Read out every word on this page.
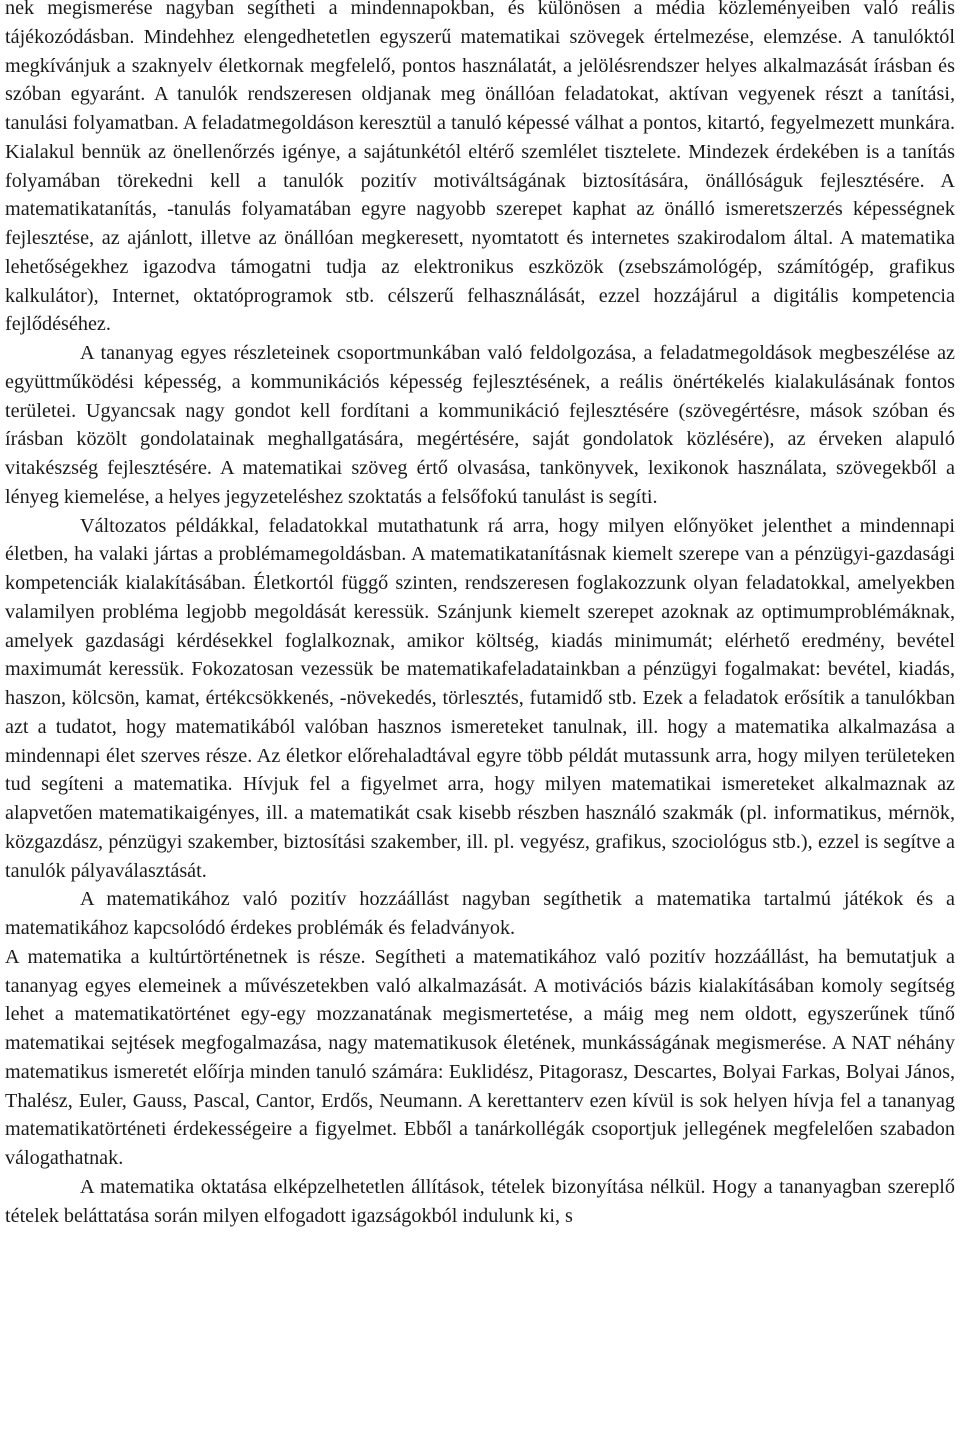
nek megismerése nagyban segítheti a mindennapokban, és különösen a média közleményeiben való reális tájékozódásban. Mindehhez elengedhetetlen egyszerű matematikai szövegek értelmezése, elemzése. A tanulóktól megkívánjuk a szaknyelv életkornak megfelelő, pontos használatát, a jelölésrendszer helyes alkalmazását írásban és szóban egyaránt. A tanulók rendszeresen oldjanak meg önállóan feladatokat, aktívan vegyenek részt a tanítási, tanulási folyamatban. A feladatmegoldáson keresztül a tanuló képessé válhat a pontos, kitartó, fegyelmezett munkára. Kialakul bennük az önellenőrzés igénye, a sajátunkétól eltérő szemlélet tisztelete. Mindezek érdekében is a tanítás folyamában törekedni kell a tanulók pozitív motiváltságának biztosítására, önállóságuk fejlesztésére. A matematikatanítás, -tanulás folyamatában egyre nagyobb szerepet kaphat az önálló ismeretszerzés képességnek fejlesztése, az ajánlott, illetve az önállóan megkeresett, nyomtatott és internetes szakirodalom által. A matematika lehetőségekhez igazodva támogatni tudja az elektronikus eszközök (zsebszámológép, számítógép, grafikus kalkulátor), Internet, oktatóprogramok stb. célszerű felhasználását, ezzel hozzájárul a digitális kompetencia fejlődéséhez.

A tananyag egyes részleteinek csoportmunkában való feldolgozása, a feladatmegoldások megbeszélése az együttműködési képesség, a kommunikációs képesség fejlesztésének, a reális önértékelés kialakulásának fontos területei. Ugyancsak nagy gondot kell fordítani a kommunikáció fejlesztésére (szövegértésre, mások szóban és írásban közölt gondolatainak meghallgatására, megértésére, saját gondolatok közlésére), az érveken alapuló vitakészség fejlesztésére. A matematikai szöveg értő olvasása, tankönyvek, lexikonok használata, szövegekből a lényeg kiemelése, a helyes jegyzeteléshez szoktatás a felsőfokú tanulást is segíti.

Változatos példákkal, feladatokkal mutathatunk rá arra, hogy milyen előnyöket jelenthet a mindennapi életben, ha valaki jártas a problémamegoldásban. A matematikatanításnak kiemelt szerepe van a pénzügyi-gazdasági kompetenciák kialakításában. Életkortól függő szinten, rendszeresen foglakozzunk olyan feladatokkal, amelyekben valamilyen probléma legjobb megoldását keressük. Szánjunk kiemelt szerepet azoknak az optimumproblémáknak, amelyek gazdasági kérdésekkel foglalkoznak, amikor költség, kiadás minimumát; elérhető eredmény, bevétel maximumát keressük. Fokozatosan vezessük be matematikafeladatainkban a pénzügyi fogalmakat: bevétel, kiadás, haszon, kölcsön, kamat, értékcsökkenés, -növekedés, törlesztés, futamidő stb. Ezek a feladatok erősítik a tanulókban azt a tudatot, hogy matematikából valóban hasznos ismereteket tanulnak, ill. hogy a matematika alkalmazása a mindennapi élet szerves része. Az életkor előrehaladtával egyre több példát mutassunk arra, hogy milyen területeken tud segíteni a matematika. Hívjuk fel a figyelmet arra, hogy milyen matematikai ismereteket alkalmaznak az alapvetően matematikaigényes, ill. a matematikát csak kisebb részben használó szakmák (pl. informatikus, mérnök, közgazdász, pénzügyi szakember, biztosítási szakember, ill. pl. vegyész, grafikus, szociológus stb.), ezzel is segítve a tanulók pályaválasztását.

A matematikához való pozitív hozzáállást nagyban segíthetik a matematika tartalmú játékok és a matematikához kapcsolódó érdekes problémák és feladványok.

A matematika a kultúrtörténetnek is része. Segítheti a matematikához való pozitív hozzáállást, ha bemutatjuk a tananyag egyes elemeinek a művészetekben való alkalmazását. A motivációs bázis kialakításában komoly segítség lehet a matematikatörténet egy-egy mozzanatának megismertetése, a máig meg nem oldott, egyszerűnek tűnő matematikai sejtések megfogalmazása, nagy matematikusok életének, munkásságának megismerése. A NAT néhány matematikus ismeretét előírja minden tanuló számára: Euklidész, Pitagorasz, Descartes, Bolyai Farkas, Bolyai János, Thalész, Euler, Gauss, Pascal, Cantor, Erdős, Neumann. A kerettanterv ezen kívül is sok helyen hívja fel a tananyag matematikatörténeti érdekességeire a figyelmet. Ebből a tanárkollégák csoportjuk jellegének megfelelően szabadon válogathatnak.

A matematika oktatása elképzelhetetlen állítások, tételek bizonyítása nélkül. Hogy a tananyagban szereplő tételek beláttatása során milyen elfogadott igazságokból indulunk ki, s
